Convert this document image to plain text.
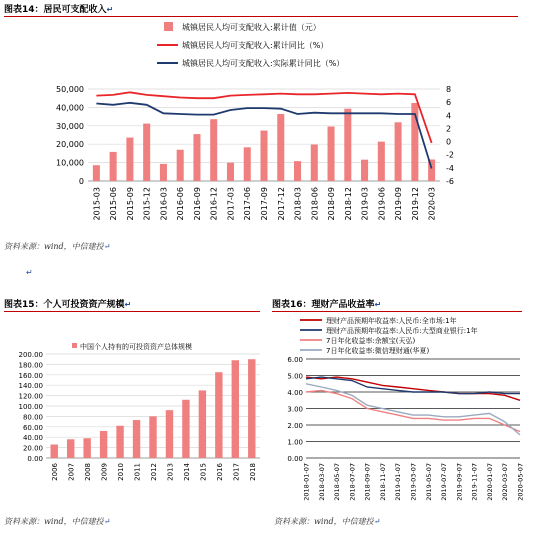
图表14：居民可支配收入↵
城镇居民人均可支配收入:累计值（元）
城镇居民人均可支配收入:累计同比（%）
城镇居民人均可支配收入:实际累计同比（%）
0
10,000
20,000
30,000
40,000
50,000
-6
-4
-2
0
2
4
6
8
2015-03 2015-06 2015-09 2015-12 2016-03 2016-06 2016-09 2016-12 2017-03 2017-06 2017-09 2017-12 2018-03 2018-06 2018-09 2018-12 2019-03 2019-06 2019-09 2019-12 2020-03
资料来源：wind，中信建投↵
↵
图表15：个人可投资资产规模↵
中国个人持有的可投资资产总体规模
0.00
20.00
40.00
60.00
80.00
100.00
120.00
140.00
160.00
180.00
200.00
2006 2007 2008 2009 2010 2011 2012 2013 2014 2015 2016 2017 2018
资料来源：wind，中信建投↵
图表16：理财产品收益率↵
理财产品预期年收益率:人民币:全市场:1年
理财产品预期年收益率:人民币:大型商业银行:1年
7日年化收益率:余额宝(天弘)
7日年化收益率:微信理财通(华夏)
0.00
1.00
2.00
3.00
4.00
5.00
6.00
2018-01-07 2018-03-07 2018-05-07 2018-07-07 2018-09-07 2018-11-07 2019-01-07 2019-03-07 2019-05-07 2019-07-07 2019-09-07 2019-11-07 2020-01-07 2020-03-07 2020-05-07
资料来源：wind，中信建投↵
